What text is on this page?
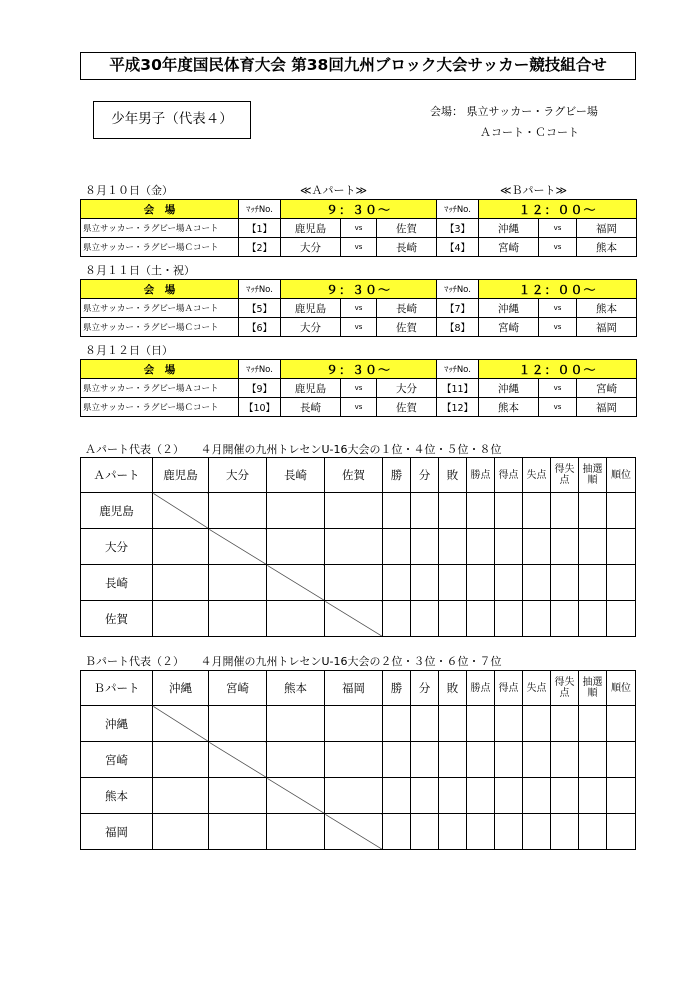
平成30年度国民体育大会 第38回九州ブロック大会サッカー競技組合せ
少年男子（代表４）	会場： 県立サッカー・ラグビー場
Ａコート・Ｃコート
８月１０日（金）	≪Ａパート≫	≪Ｂパート≫
会　場	ﾏｯﾁNo.	９：３０～			ﾏｯﾁNo.	１２：００～		
県立サッカー・ラグビー場Ａコート	【1】	鹿児島	vs	佐賀	【3】	沖縄	vs	福岡
県立サッカー・ラグビー場Ｃコート	【2】	大分	vs	長崎	【4】	宮崎	vs	熊本
８月１１日（土・祝）
会　場	ﾏｯﾁNo.	９：３０～			ﾏｯﾁNo.	１２：００～		
県立サッカー・ラグビー場Ａコート	【5】	鹿児島	vs	長崎	【7】	沖縄	vs	熊本
県立サッカー・ラグビー場Ｃコート	【6】	大分	vs	佐賀	【8】	宮崎	vs	福岡
８月１２日（日）
会　場	ﾏｯﾁNo.	９：３０～			ﾏｯﾁNo.	１２：００～		
県立サッカー・ラグビー場Ａコート	【9】	鹿児島	vs	大分	【11】	沖縄	vs	宮崎
県立サッカー・ラグビー場Ｃコート	【10】	長崎	vs	佐賀	【12】	熊本	vs	福岡
Ａパート代表（２）　　４月開催の九州トレセンU-16大会の１位・４位・５位・８位
Ａパート	鹿児島	大分	長崎	佐賀	勝	分	敗	勝点	得点	失点	得失点	抽選順	順位
鹿児島													
大分													
長崎													
佐賀													
Ｂパート代表（２）　　４月開催の九州トレセンU-16大会の２位・３位・６位・７位
Ｂパート	沖縄	宮崎	熊本	福岡	勝	分	敗	勝点	得点	失点	得失点	抽選順	順位
沖縄													
宮崎													
熊本													
福岡													
